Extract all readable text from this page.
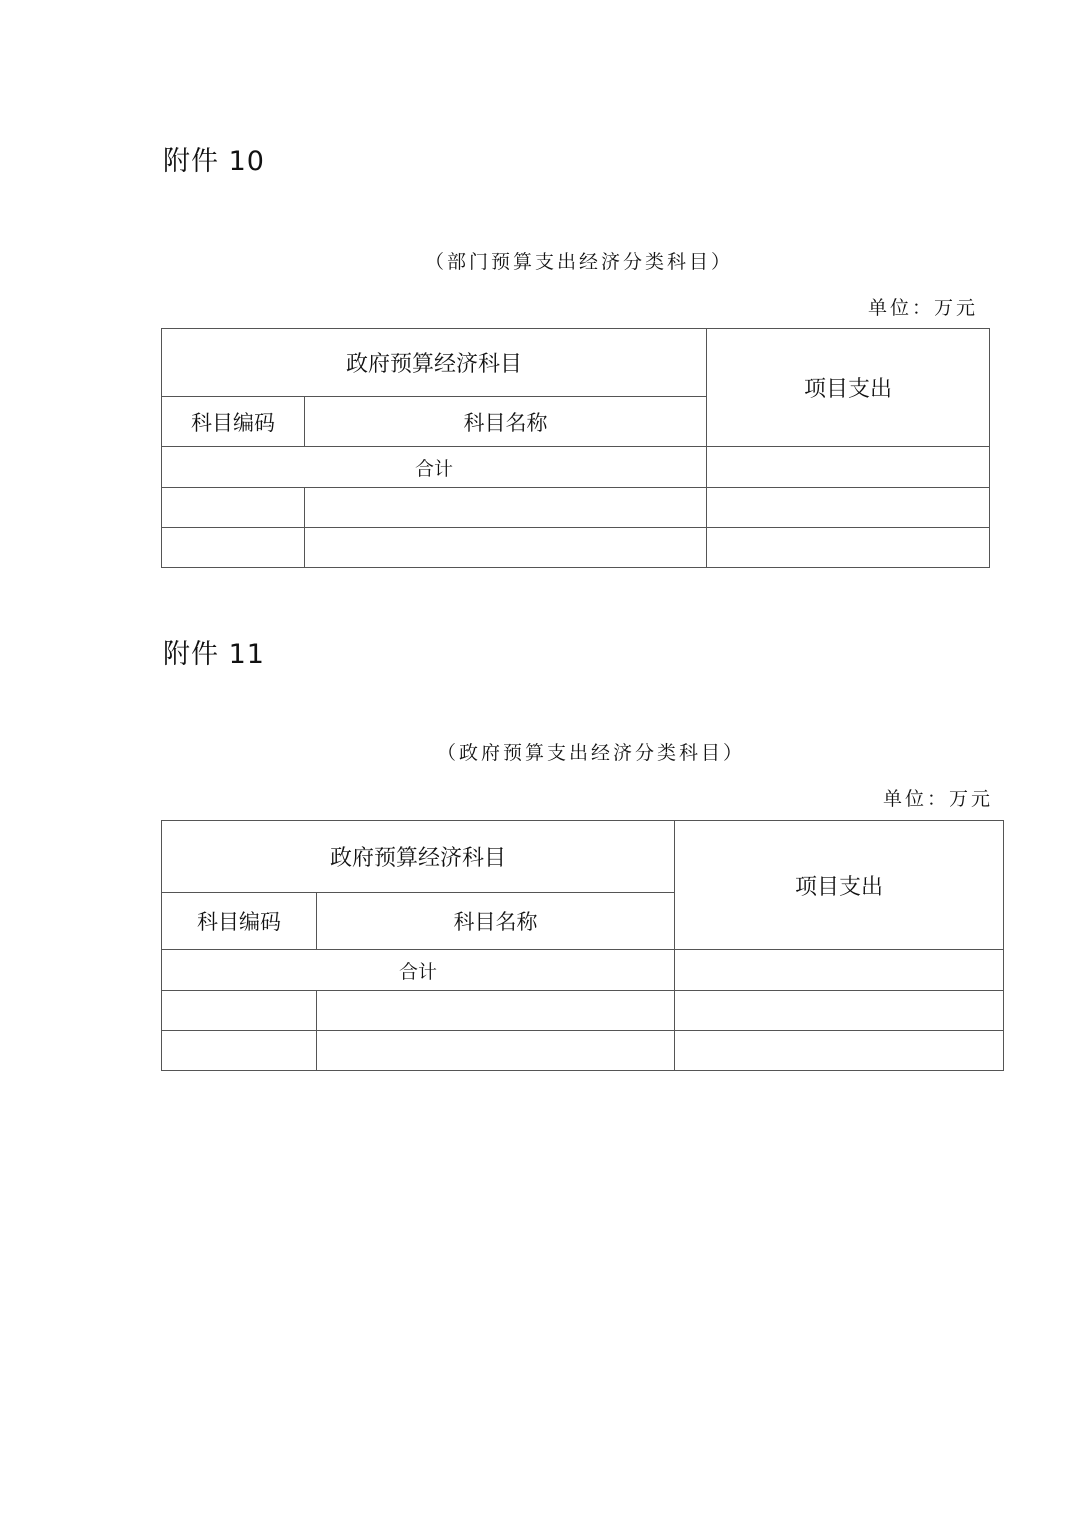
附件 10
（部门预算支出经济分类科目）
单位：万元
政府预算经济科目		项目支出
科目编码	科目名称	
合计		

附件 11
（政府预算支出经济分类科目）
单位：万元
政府预算经济科目		项目支出
科目编码	科目名称	
合计		
